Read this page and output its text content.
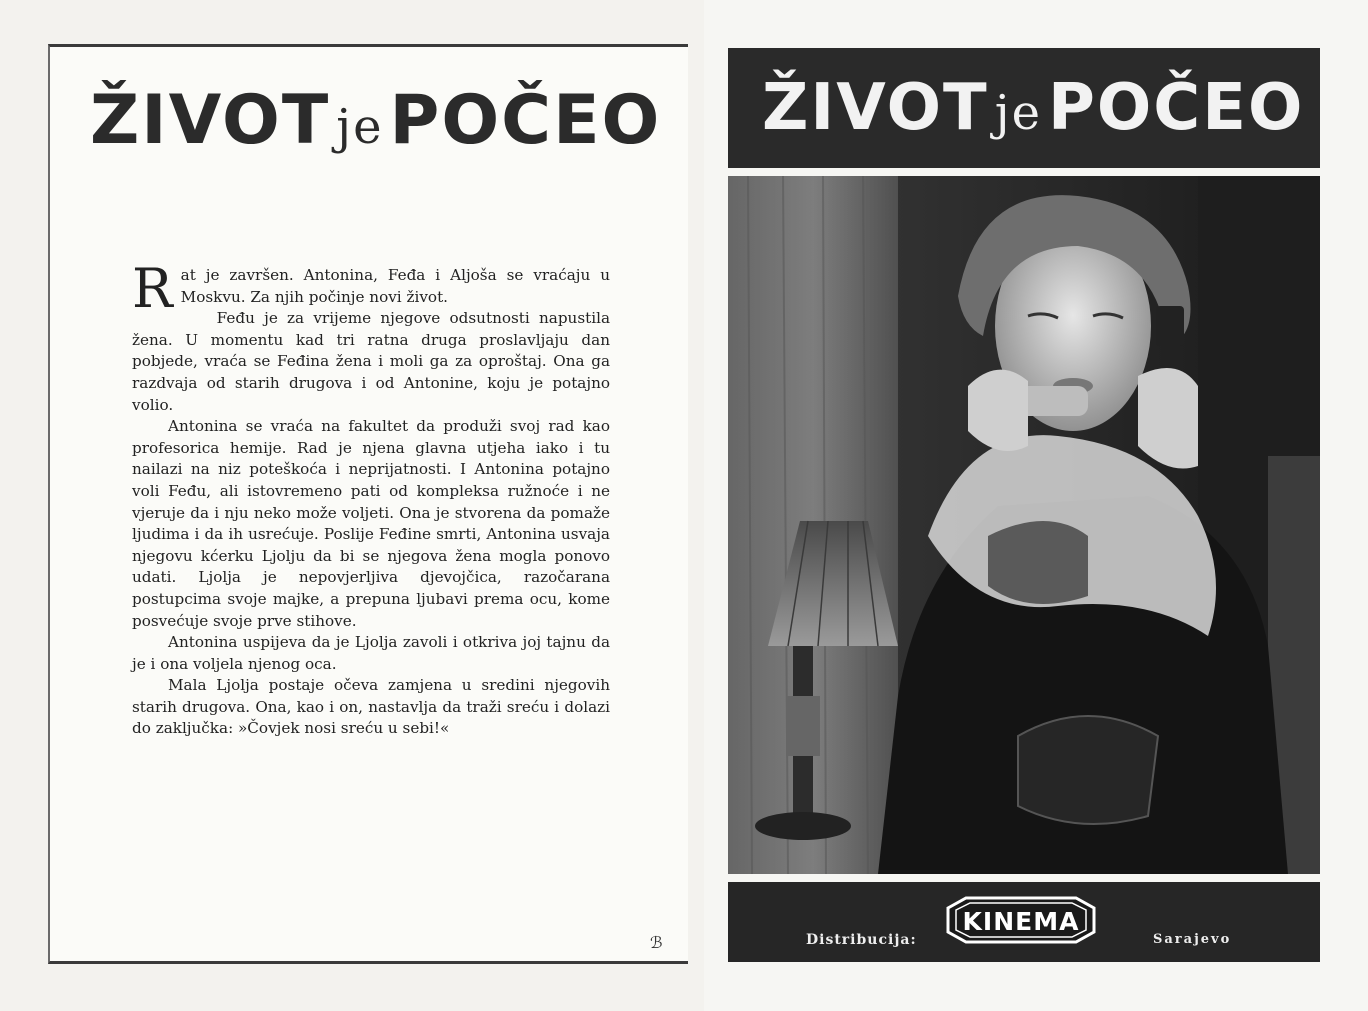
ŽIVOT jePOČEO

Rat je završen. Antonina, Feđa i Aljoša se vraćaju u Moskvu. Za njih počinje novi život.

Feđu je za vrijeme njegove odsutnosti napustila žena. U momentu kad tri ratna druga proslavljaju dan pobjede, vraća se Feđina žena i moli ga za oproštaj. Ona ga razdvaja od starih drugova i od Antonine, koju je potajno volio.

Antonina se vraća na fakultet da produži svoj rad kao profesorica hemije. Rad je njena glavna utjeha iako i tu nailazi na niz poteškoća i neprijatnosti. I Antonina potajno voli Feđu, ali istovremeno pati od kompleksa ružnoće i ne vjeruje da i nju neko može voljeti. Ona je stvorena da pomaže ljudima i da ih usrećuje. Poslije Feđine smrti, Antonina usvaja njegovu kćerku Ljolju da bi se njegova žena mogla ponovo udati. Ljolja je nepovjerljiva djevojčica, razočarana postupcima svoje majke, a prepuna ljubavi prema ocu, kome posvećuje svoje prve stihove.

Antonina uspijeva da je Ljolja zavoli i otkriva joj tajnu da je i ona voljela njenog oca.

Mala Ljolja postaje očeva zamjena u sredini njegovih starih drugova. Ona, kao i on, nastavlja da traži sreću i dolazi do zaključka: »Čovjek nosi sreću u sebi!«

ℬ
ŽIVOT jePOČEO
Distribucija:
KINEMA
Sarajevo
